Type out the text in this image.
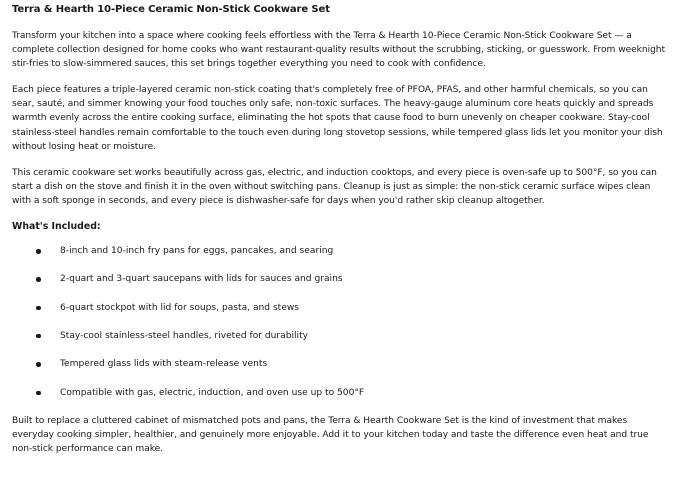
Terra & Hearth 10-Piece Ceramic Non-Stick Cookware Set

Transform your kitchen into a space where cooking feels effortless with the Terra & Hearth 10-Piece Ceramic Non-Stick Cookware Set — a complete collection designed for home cooks who want restaurant-quality results without the scrubbing, sticking, or guesswork. From weeknight stir-fries to slow-simmered sauces, this set brings together everything you need to cook with confidence.

Each piece features a triple-layered ceramic non-stick coating that's completely free of PFOA, PFAS, and other harmful chemicals, so you can sear, sauté, and simmer knowing your food touches only safe, non-toxic surfaces. The heavy-gauge aluminum core heats quickly and spreads warmth evenly across the entire cooking surface, eliminating the hot spots that cause food to burn unevenly on cheaper cookware. Stay-cool stainless-steel handles remain comfortable to the touch even during long stovetop sessions, while tempered glass lids let you monitor your dish without losing heat or moisture.

This ceramic cookware set works beautifully across gas, electric, and induction cooktops, and every piece is oven-safe up to 500°F, so you can start a dish on the stove and finish it in the oven without switching pans. Cleanup is just as simple: the non-stick ceramic surface wipes clean with a soft sponge in seconds, and every piece is dishwasher-safe for days when you'd rather skip cleanup altogether.

What's Included:
8-inch and 10-inch fry pans for eggs, pancakes, and searing
2-quart and 3-quart saucepans with lids for sauces and grains
6-quart stockpot with lid for soups, pasta, and stews
Stay-cool stainless-steel handles, riveted for durability
Tempered glass lids with steam-release vents
Compatible with gas, electric, induction, and oven use up to 500°F

Built to replace a cluttered cabinet of mismatched pots and pans, the Terra & Hearth Cookware Set is the kind of investment that makes everyday cooking simpler, healthier, and genuinely more enjoyable. Add it to your kitchen today and taste the difference even heat and true non-stick performance can make.
